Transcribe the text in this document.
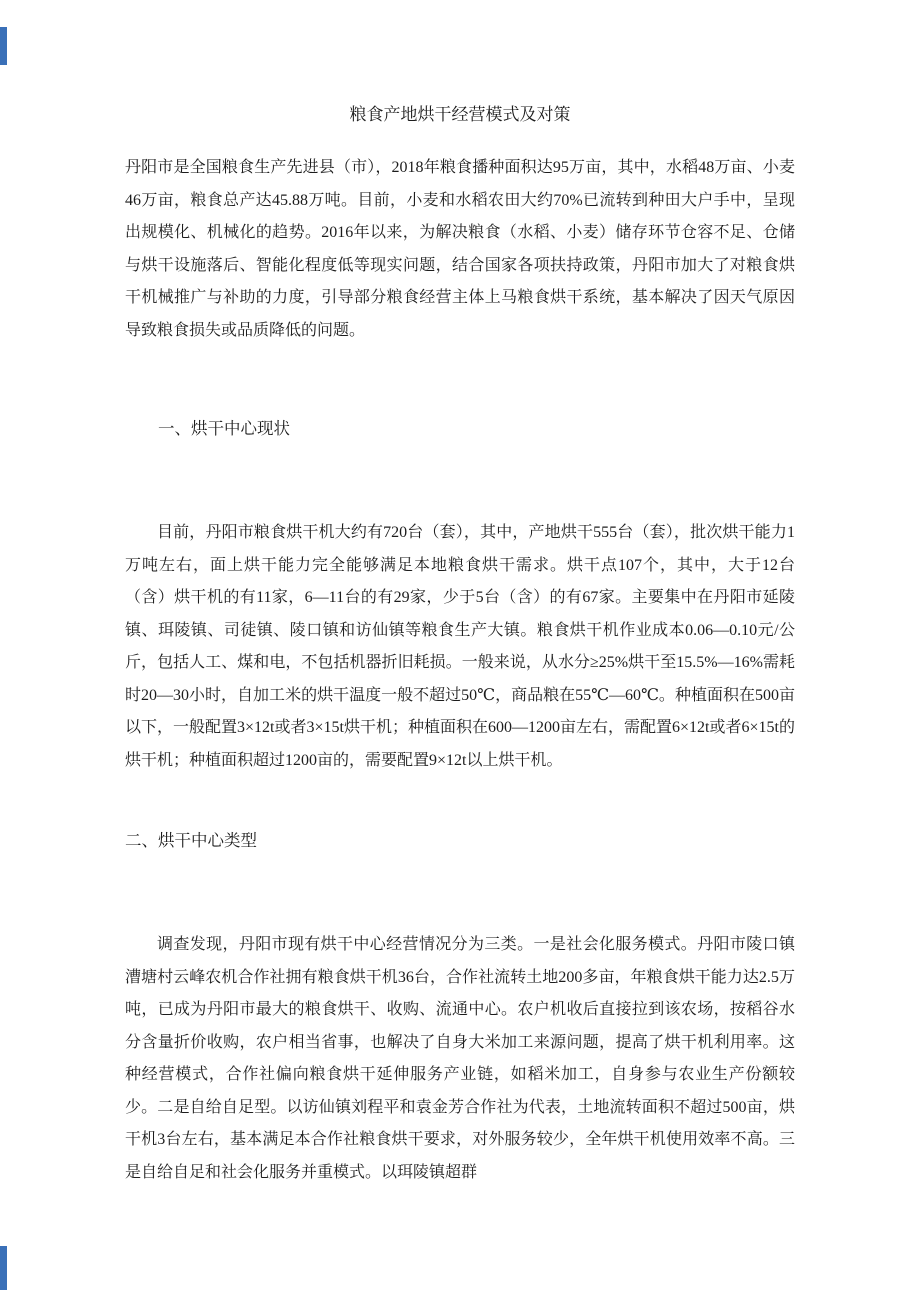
粮食产地烘干经营模式及对策

丹阳市是全国粮食生产先进县（市），2018年粮食播种面积达95万亩，其中，水稻48万亩、小麦46万亩，粮食总产达45.88万吨。目前，小麦和水稻农田大约70%已流转到种田大户手中，呈现出规模化、机械化的趋势。2016年以来，为解决粮食（水稻、小麦）储存环节仓容不足、仓储与烘干设施落后、智能化程度低等现实问题，结合国家各项扶持政策，丹阳市加大了对粮食烘干机械推广与补助的力度，引导部分粮食经营主体上马粮食烘干系统，基本解决了因天气原因导致粮食损失或品质降低的问题。

一、烘干中心现状

目前，丹阳市粮食烘干机大约有720台（套），其中，产地烘干555台（套），批次烘干能力1万吨左右，面上烘干能力完全能够满足本地粮食烘干需求。烘干点107个，其中，大于12台（含）烘干机的有11家，6—11台的有29家，少于5台（含）的有67家。主要集中在丹阳市延陵镇、珥陵镇、司徒镇、陵口镇和访仙镇等粮食生产大镇。粮食烘干机作业成本0.06—0.10元/公斤，包括人工、煤和电，不包括机器折旧耗损。一般来说，从水分≥25%烘干至15.5%—16%需耗时20—30小时，自加工米的烘干温度一般不超过50℃，商品粮在55℃—60℃。种植面积在500亩以下，一般配置3×12t或者3×15t烘干机；种植面积在600—1200亩左右，需配置6×12t或者6×15t的烘干机；种植面积超过1200亩的，需要配置9×12t以上烘干机。

二、烘干中心类型

调查发现，丹阳市现有烘干中心经营情况分为三类。一是社会化服务模式。丹阳市陵口镇漕塘村云峰农机合作社拥有粮食烘干机36台，合作社流转土地200多亩，年粮食烘干能力达2.5万吨，已成为丹阳市最大的粮食烘干、收购、流通中心。农户机收后直接拉到该农场，按稻谷水分含量折价收购，农户相当省事，也解决了自身大米加工来源问题，提高了烘干机利用率。这种经营模式，合作社偏向粮食烘干延伸服务产业链，如稻米加工，自身参与农业生产份额较少。二是自给自足型。以访仙镇刘程平和袁金芳合作社为代表，土地流转面积不超过500亩，烘干机3台左右，基本满足本合作社粮食烘干要求，对外服务较少，全年烘干机使用效率不高。三是自给自足和社会化服务并重模式。以珥陵镇超群
